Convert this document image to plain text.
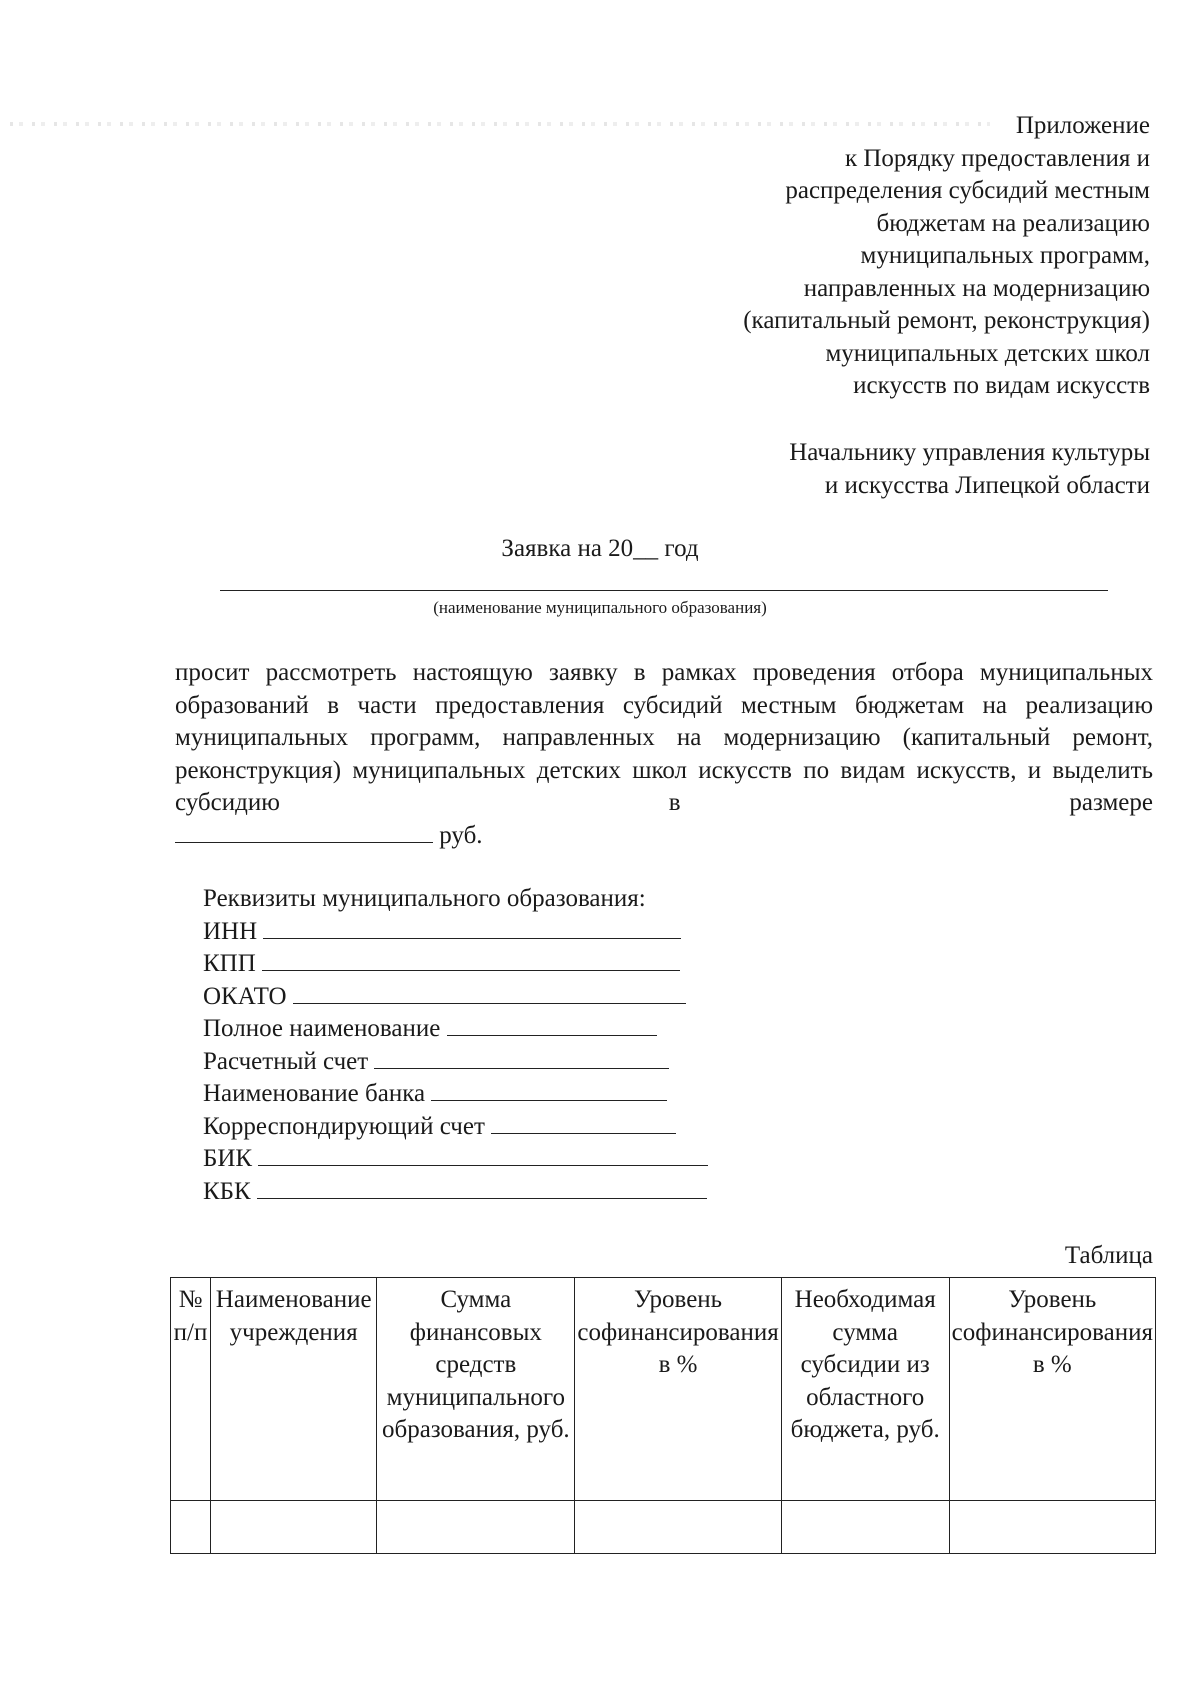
Приложение
к Порядку предоставления и
распределения субсидий местным
бюджетам на реализацию
муниципальных программ,
направленных на модернизацию
(капитальный ремонт, реконструкция)
муниципальных детских школ
искусств по видам искусств
Начальнику управления культуры
и искусства Липецкой области
Заявка на 20__ год
(наименование муниципального образования)
просит рассмотреть настоящую заявку в рамках проведения отбора муниципальных образований в части предоставления субсидий местным бюджетам на реализацию муниципальных программ, направленных на модернизацию (капитальный ремонт, реконструкция) муниципальных детских школ искусств по видам искусств, и выделить субсидию в размере
руб.
Реквизиты муниципального образования:
ИНН
КПП
ОКАТО
Полное наименование
Расчетный счет
Наименование банка
Корреспондирующий счет
БИК
КБК
Таблица
№ п/п	Наименование учреждения	Сумма финансовых средств муниципального образования, руб.	Уровень софинансирования в %	Необходимая сумма субсидии из областного бюджета, руб.	Уровень софинансирования в %
